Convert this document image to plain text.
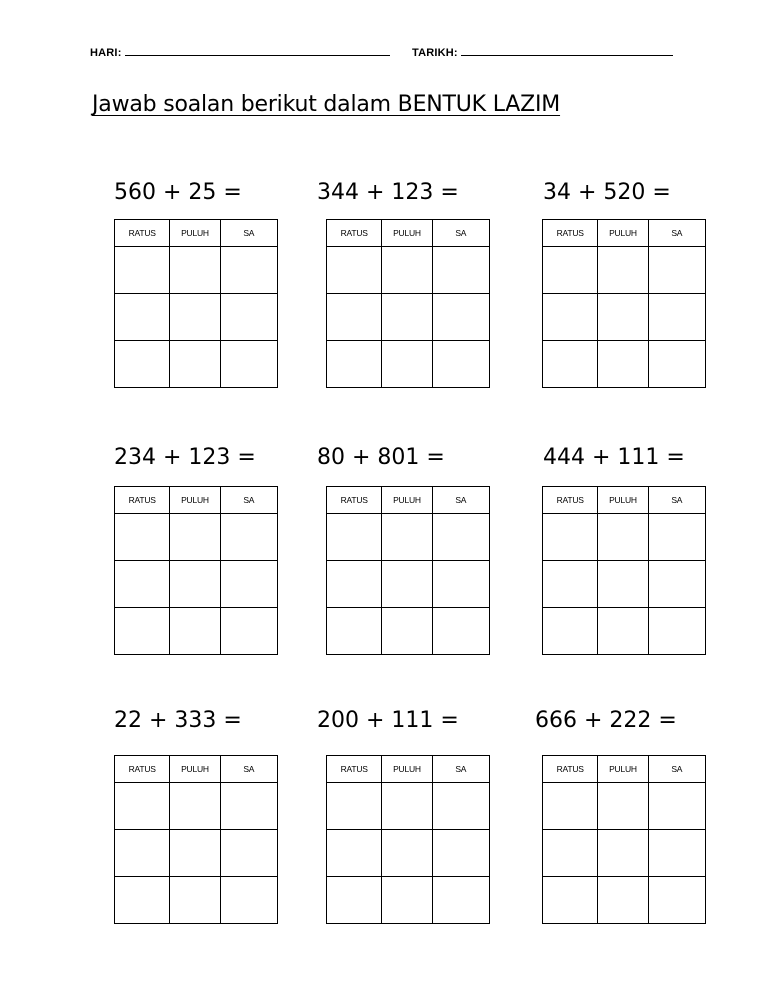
HARI:	TARIKH:
Jawab soalan berikut dalam BENTUK LAZIM
560 + 25 =
RATUS	PULUH	SA

344 + 123 =
RATUS	PULUH	SA

34 + 520 =
RATUS	PULUH	SA

234 + 123 =
RATUS	PULUH	SA

80 + 801 =
RATUS	PULUH	SA

444 + 111 =
RATUS	PULUH	SA

22 + 333 =
RATUS	PULUH	SA

200 + 111 =
RATUS	PULUH	SA

666 + 222 =
RATUS	PULUH	SA
